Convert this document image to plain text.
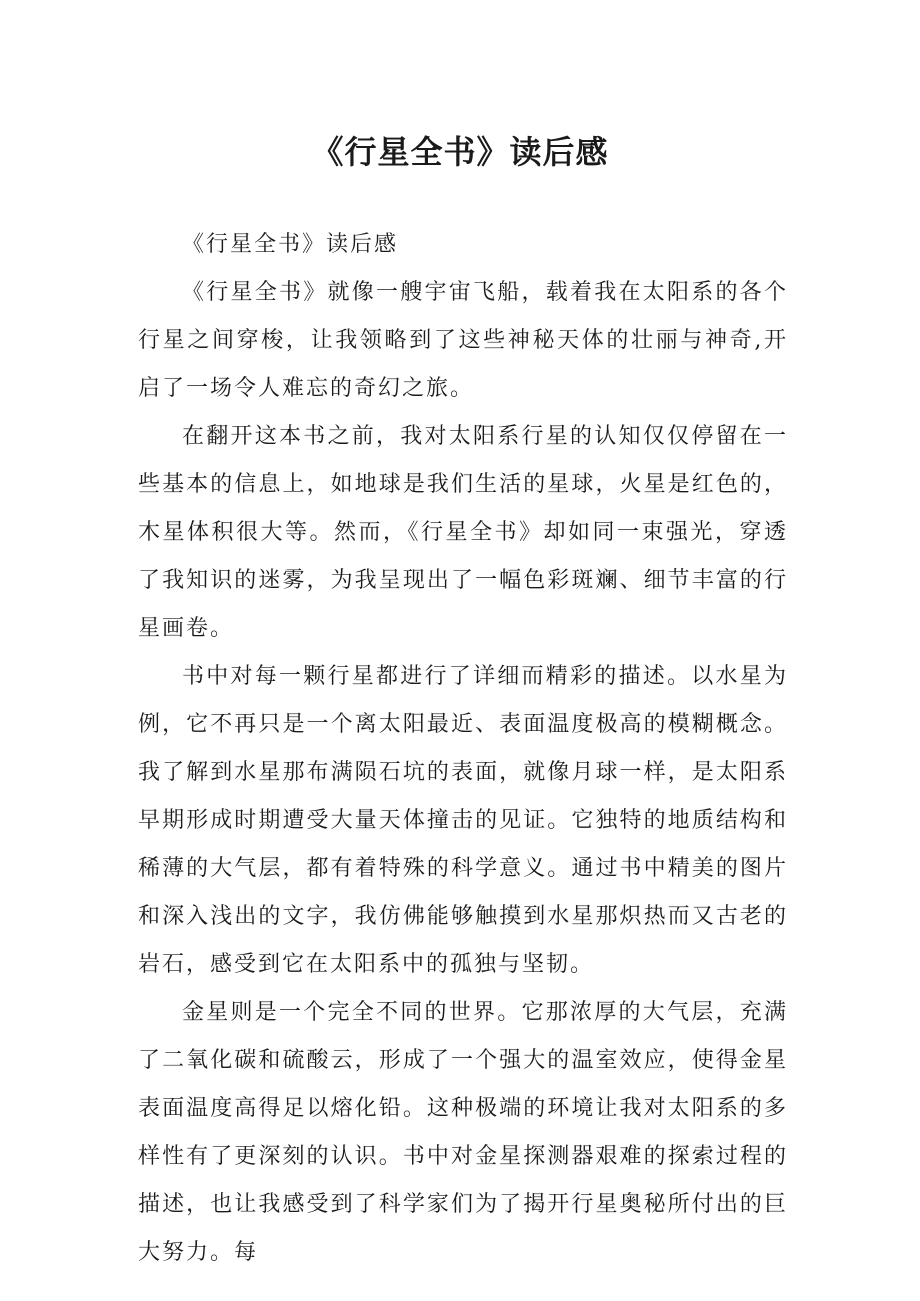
《行星全书》读后感

《行星全书》读后感

《行星全书》就像一艘宇宙飞船，载着我在太阳系的各个行星之间穿梭，让我领略到了这些神秘天体的壮丽与神奇,开启了一场令人难忘的奇幻之旅。

在翻开这本书之前，我对太阳系行星的认知仅仅停留在一些基本的信息上，如地球是我们生活的星球，火星是红色的，木星体积很大等。然而，《行星全书》却如同一束强光，穿透了我知识的迷雾，为我呈现出了一幅色彩斑斓、细节丰富的行星画卷。

书中对每一颗行星都进行了详细而精彩的描述。以水星为例，它不再只是一个离太阳最近、表面温度极高的模糊概念。我了解到水星那布满陨石坑的表面，就像月球一样，是太阳系早期形成时期遭受大量天体撞击的见证。它独特的地质结构和稀薄的大气层，都有着特殊的科学意义。通过书中精美的图片和深入浅出的文字，我仿佛能够触摸到水星那炽热而又古老的岩石，感受到它在太阳系中的孤独与坚韧。

金星则是一个完全不同的世界。它那浓厚的大气层，充满了二氧化碳和硫酸云，形成了一个强大的温室效应，使得金星表面温度高得足以熔化铅。这种极端的环境让我对太阳系的多样性有了更深刻的认识。书中对金星探测器艰难的探索过程的描述，也让我感受到了科学家们为了揭开行星奥秘所付出的巨大努力。每
